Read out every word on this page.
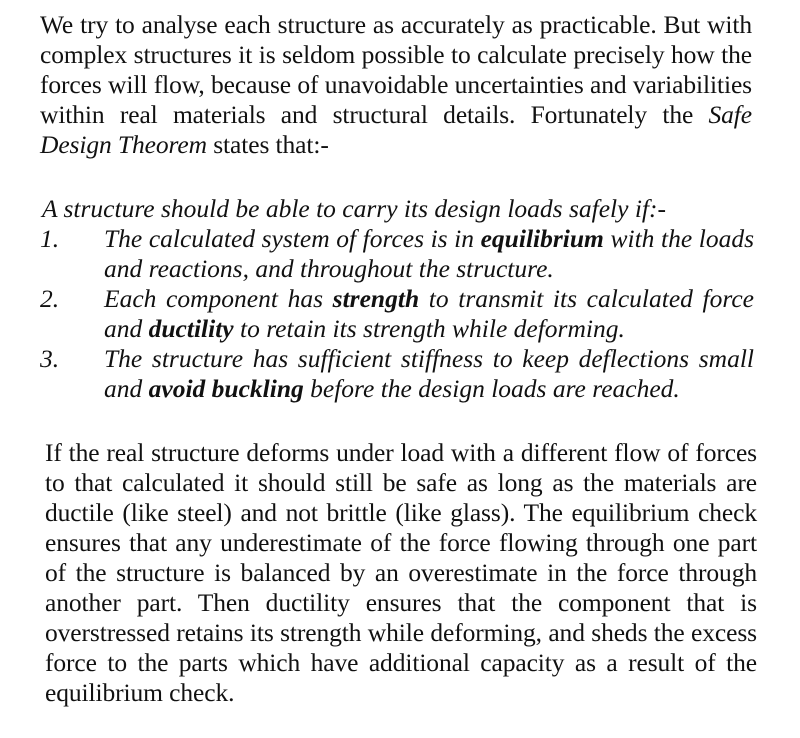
We try to analyse each structure as accurately as practicable. But with complex structures it is seldom possible to calculate precisely how the forces will flow, because of unavoidable uncertainties and variabilities within real materials and structural details. Fortunately the Safe Design Theorem states that:-

A structure should be able to carry its design loads safely if:-
1. The calculated system of forces is in equilibrium with the loads and reactions, and throughout the structure.
2. Each component has strength to transmit its calculated force and ductility to retain its strength while deforming.
3. The structure has sufficient stiffness to keep deflections small and avoid buckling before the design loads are reached.

If the real structure deforms under load with a different flow of forces to that calculated it should still be safe as long as the materials are ductile (like steel) and not brittle (like glass). The equilibrium check ensures that any underestimate of the force flowing through one part of the structure is balanced by an overestimate in the force through another part. Then ductility ensures that the component that is overstressed retains its strength while deforming, and sheds the excess force to the parts which have additional capacity as a result of the equilibrium check.
